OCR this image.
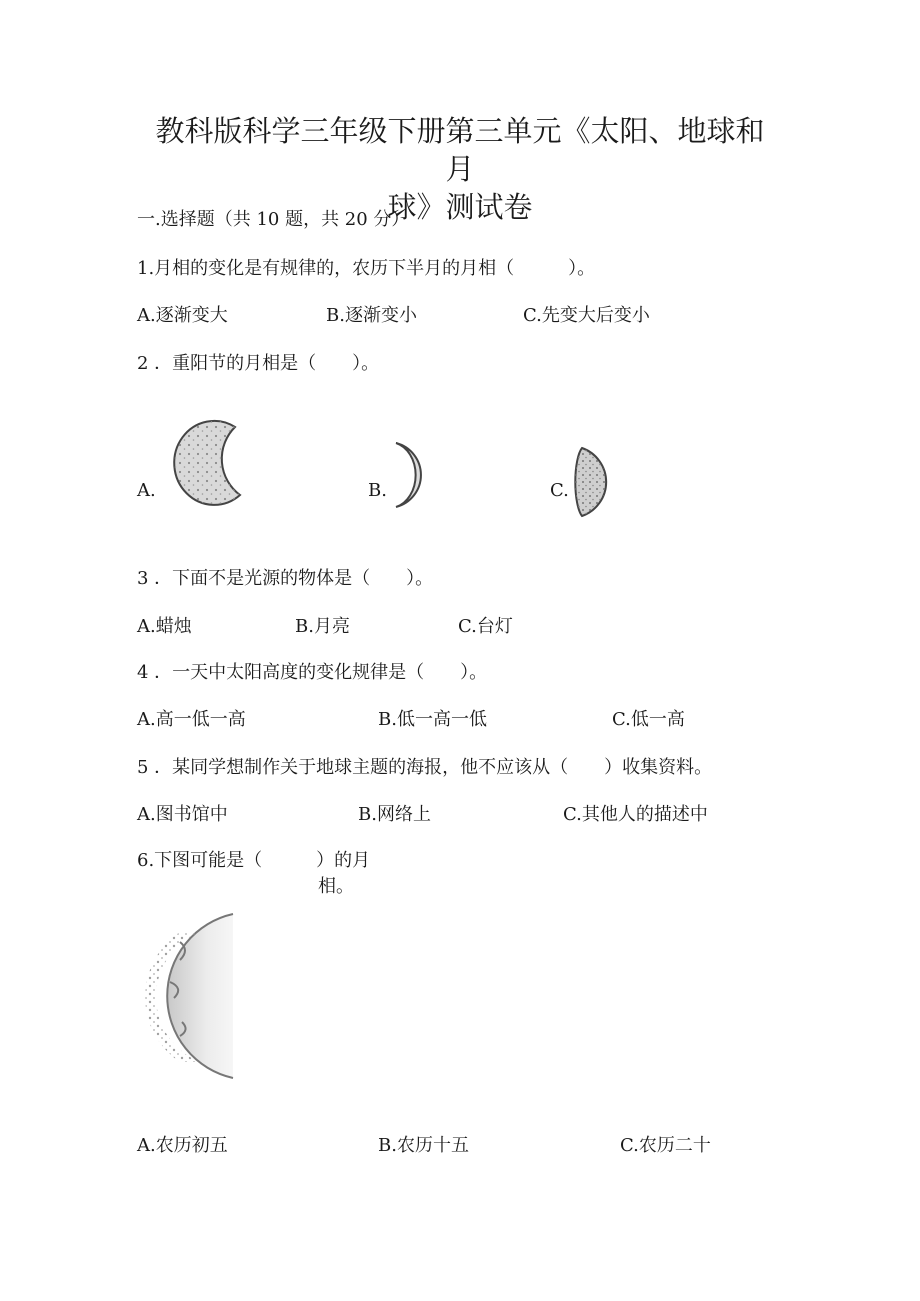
教科版科学三年级下册第三单元《太阳、地球和月
球》测试卷
一.选择题（共 10 题，共 20 分）
1.月相的变化是有规律的，农历下半月的月相（　　　）。
A.逐渐变大	B.逐渐变小	C.先变大后变小
2 ．重阳节的月相是（　　）。
A.	B.	C.
3 ．下面不是光源的物体是（　　）。
A.蜡烛	B.月亮	C.台灯
4 ．一天中太阳高度的变化规律是（　　）。
A.高一低一高	B.低一高一低	C.低一高
5 ．某同学想制作关于地球主题的海报，他不应该从（　　）收集资料。
A.图书馆中	B.网络上	C.其他人的描述中
6.下图可能是（　　　）的月
相。
A.农历初五	B.农历十五	C.农历二十
